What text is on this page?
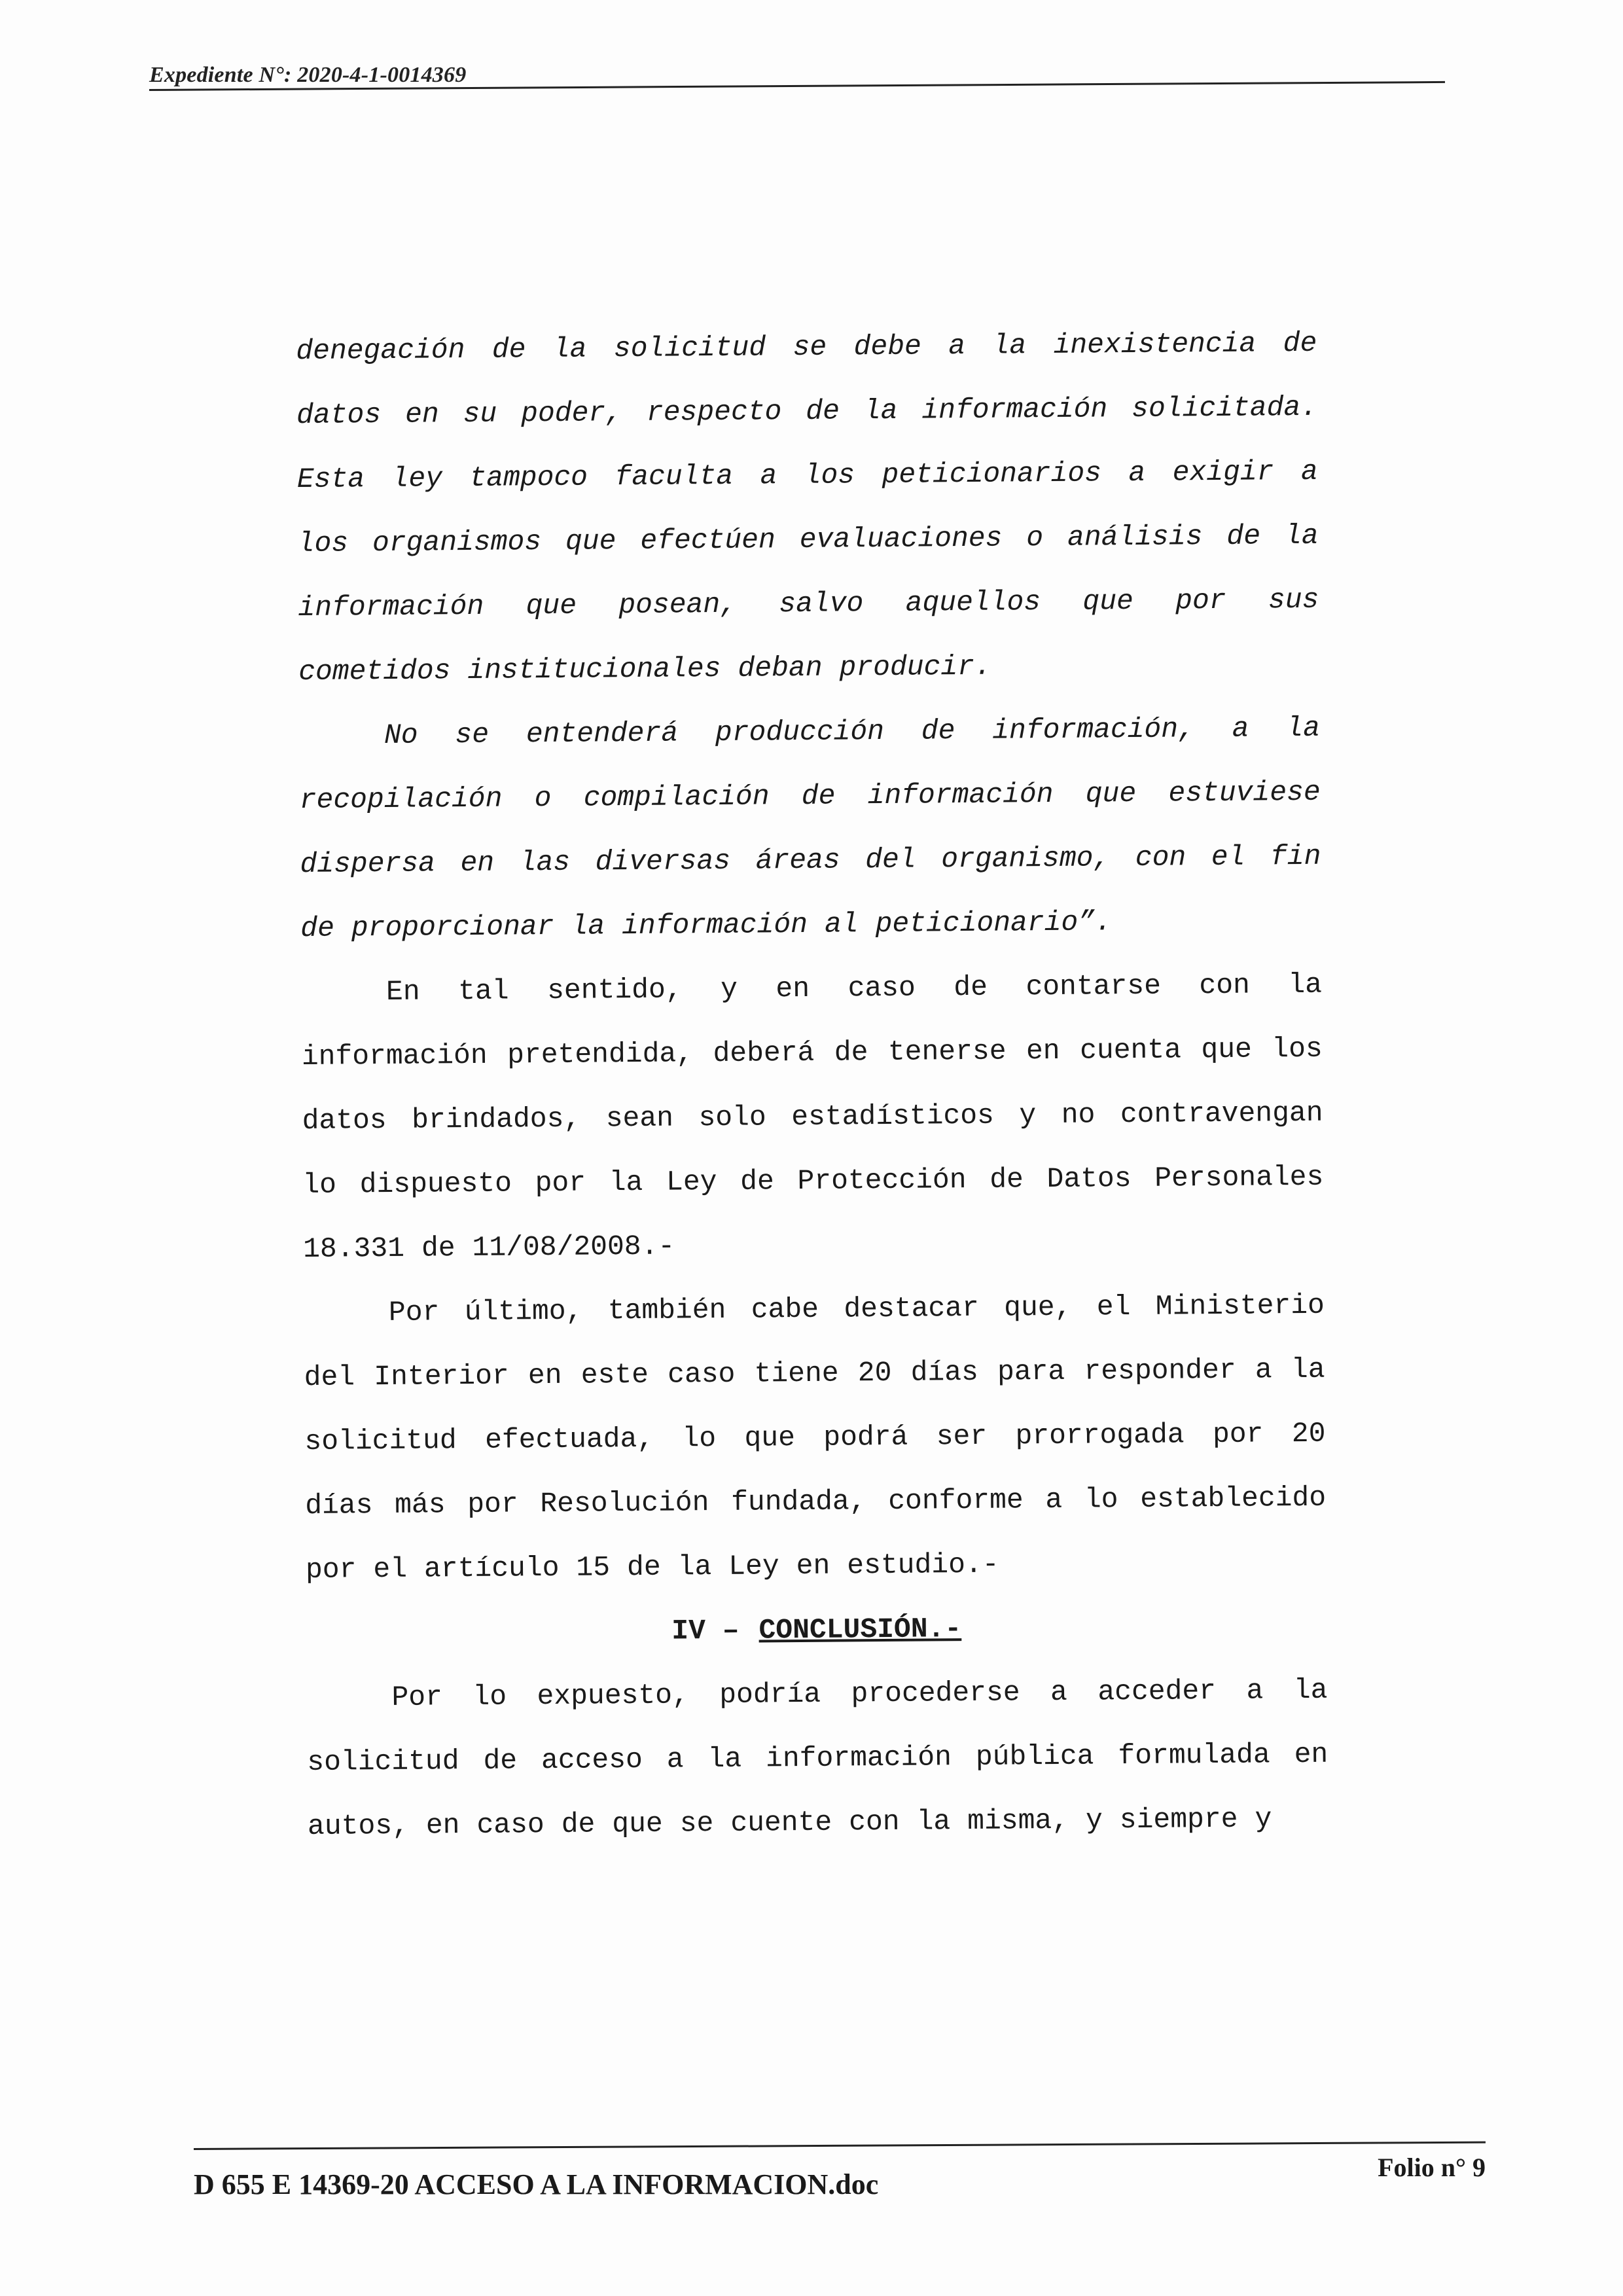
Expediente N°: 2020-4-1-0014369
denegación de la solicitud se debe a la inexistencia de
datos en su poder, respecto de la información solicitada.
Esta ley tampoco faculta a los peticionarios a exigir a
los organismos que efectúen evaluaciones o análisis de la
información que posean, salvo aquellos que por sus
cometidos institucionales deban producir.
No se entenderá producción de información, a la
recopilación o compilación de información que estuviese
dispersa en las diversas áreas del organismo, con el fin
de proporcionar la información al peticionario”.
En tal sentido, y en caso de contarse con la
información pretendida, deberá de tenerse en cuenta que los
datos brindados, sean solo estadísticos y no contravengan
lo dispuesto por la Ley de Protección de Datos Personales
18.331 de 11/08/2008.-
Por último, también cabe destacar que, el Ministerio
del Interior en este caso tiene 20 días para responder a la
solicitud efectuada, lo que podrá ser prorrogada por 20
días más por Resolución fundada, conforme a lo establecido
por el artículo 15 de la Ley en estudio.-
IV – CONCLUSIÓN.-
Por lo expuesto, podría procederse a acceder a la
solicitud de acceso a la información pública formulada en
autos, en caso de que se cuente con la misma, y siempre y
D 655 E 14369-20 ACCESO A LA INFORMACION.doc
Folio n° 9
